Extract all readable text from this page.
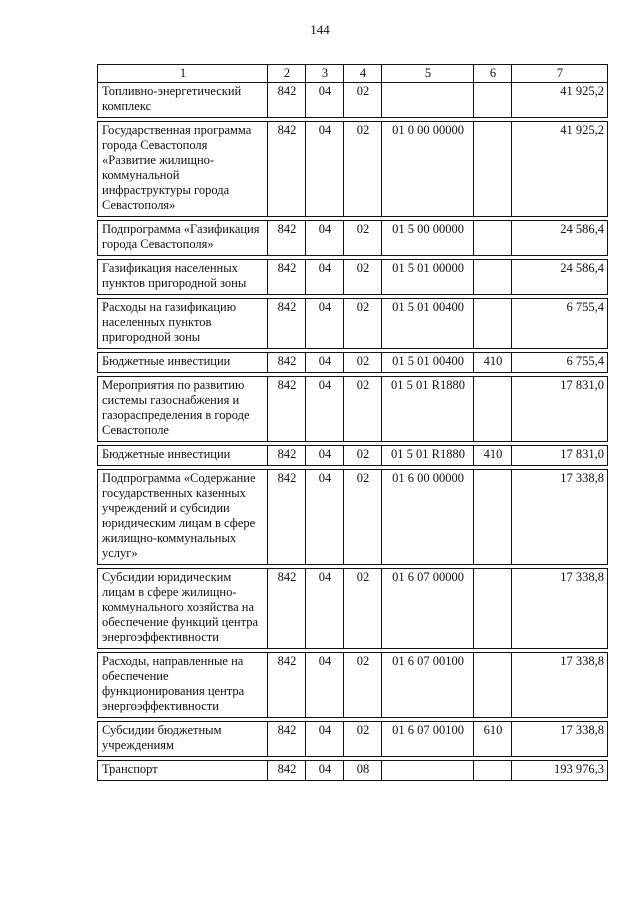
144
1	2	3	4	5	6	7
Топливно-энергетический комплекс	842	04	02			41 925,2

Государственная программа города Севастополя «Развитие жилищно-коммунальной инфраструктуры города Севастополя»	842	04	02	01 0 00 00000		41 925,2

Подпрограмма «Газификация города Севастополя»	842	04	02	01 5 00 00000		24 586,4

Газификация населенных пунктов пригородной зоны	842	04	02	01 5 01 00000		24 586,4

Расходы на газификацию населенных пунктов пригородной зоны	842	04	02	01 5 01 00400		6 755,4

Бюджетные инвестиции	842	04	02	01 5 01 00400	410	6 755,4

Мероприятия по развитию системы газоснабжения и газораспределения в городе Севастополе	842	04	02	01 5 01 R1880		17 831,0

Бюджетные инвестиции	842	04	02	01 5 01 R1880	410	17 831,0

Подпрограмма «Содержание государственных казенных учреждений и субсидии юридическим лицам в сфере жилищно-коммунальных услуг»	842	04	02	01 6 00 00000		17 338,8

Субсидии юридическим лицам в сфере жилищно-коммунального хозяйства на обеспечение функций центра энергоэффективности	842	04	02	01 6 07 00000		17 338,8

Расходы, направленные на обеспечение функционирования центра энергоэффективности	842	04	02	01 6 07 00100		17 338,8

Субсидии бюджетным учреждениям	842	04	02	01 6 07 00100	610	17 338,8

Транспорт	842	04	08			193 976,3
